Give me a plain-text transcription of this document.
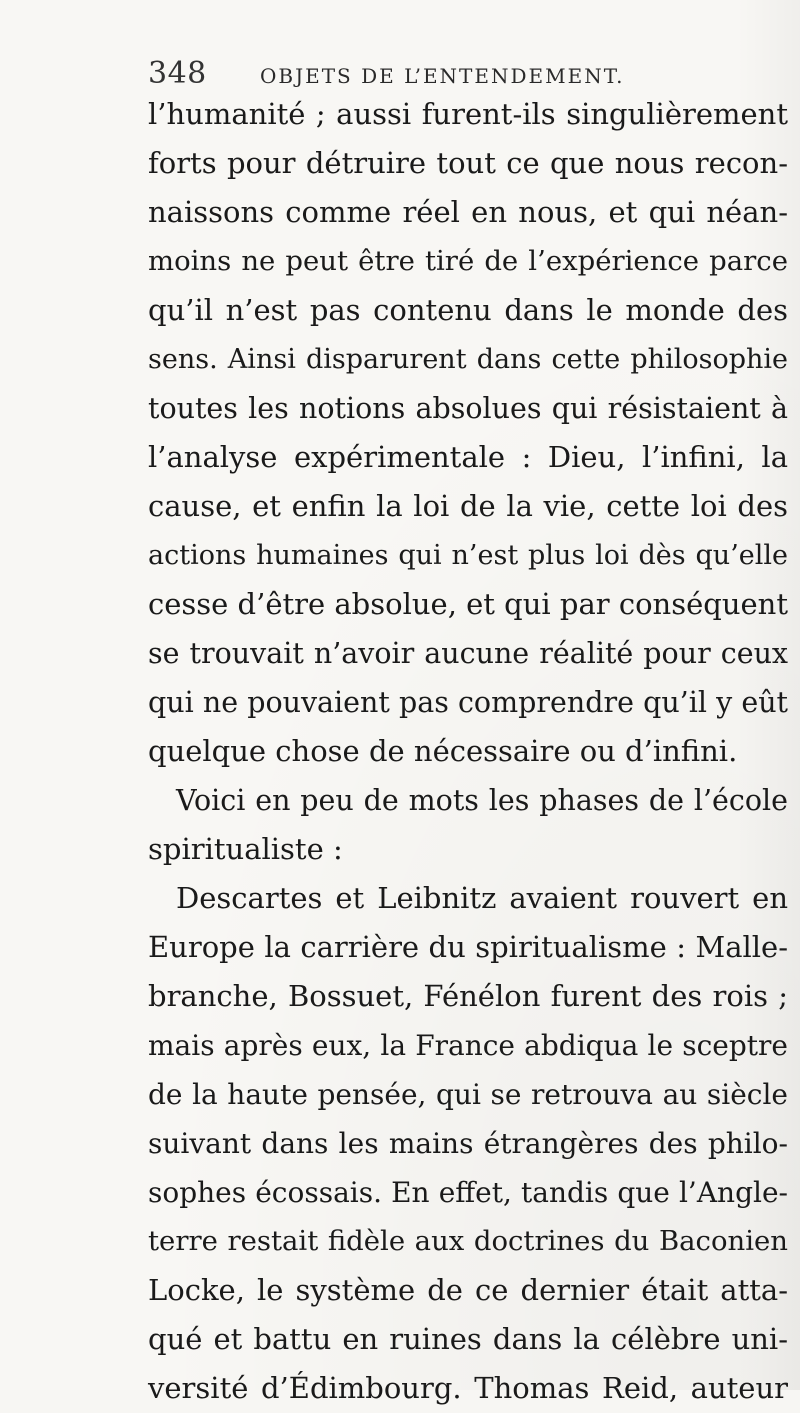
348	OBJETS DE L’ENTENDEMENT.
l’humanité ; aussi furent-ils singulièrement
forts pour détruire tout ce que nous recon-
naissons comme réel en nous, et qui néan-
moins ne peut être tiré de l’expérience parce
qu’il n’est pas contenu dans le monde des
sens. Ainsi disparurent dans cette philosophie
toutes les notions absolues qui résistaient à
l’analyse expérimentale : Dieu, l’infini, la
cause, et enfin la loi de la vie, cette loi des
actions humaines qui n’est plus loi dès qu’elle
cesse d’être absolue, et qui par conséquent
se trouvait n’avoir aucune réalité pour ceux
qui ne pouvaient pas comprendre qu’il y eût
quelque chose de nécessaire ou d’infini.
Voici en peu de mots les phases de l’école
spiritualiste :
Descartes et Leibnitz avaient rouvert en
Europe la carrière du spiritualisme : Malle-
branche, Bossuet, Fénélon furent des rois ;
mais après eux, la France abdiqua le sceptre
de la haute pensée, qui se retrouva au siècle
suivant dans les mains étrangères des philo-
sophes écossais. En effet, tandis que l’Angle-
terre restait fidèle aux doctrines du Baconien
Locke, le système de ce dernier était atta-
qué et battu en ruines dans la célèbre uni-
versité d’Édimbourg. Thomas Reid, auteur
